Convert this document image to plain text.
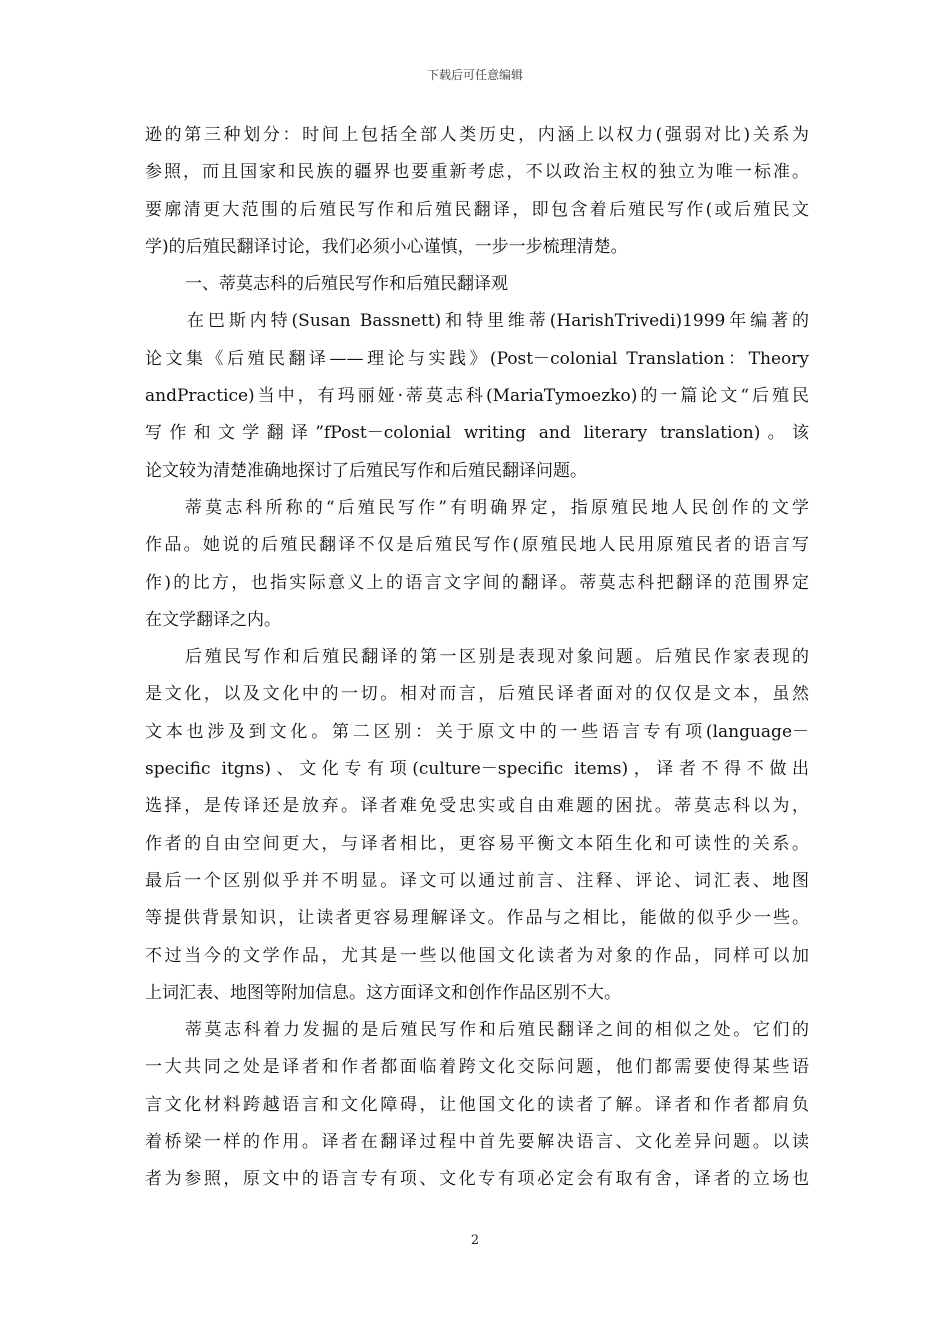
下载后可任意编辑
逊的第三种划分：时间上包括全部人类历史，内涵上以权力(强弱对比)关系为
参照，而且国家和民族的疆界也要重新考虑，不以政治主权的独立为唯一标准。
要廓清更大范围的后殖民写作和后殖民翻译，即包含着后殖民写作(或后殖民文
学)的后殖民翻译讨论，我们必须小心谨慎，一步一步梳理清楚。
一、蒂莫志科的后殖民写作和后殖民翻译观
在巴斯内特(Susan Bassnett)和特里维蒂(HarishTrivedi)1999年编著的
论文集《后殖民翻译——理论与实践》(Post－colonial Translation：Theory
andPractice)当中，有玛丽娅·蒂莫志科(MariaTymoezko)的一篇论文“后殖民
写作和文学翻译”fPost－colonial writing and literary translation)。该
论文较为清楚准确地探讨了后殖民写作和后殖民翻译问题。
蒂莫志科所称的“后殖民写作”有明确界定，指原殖民地人民创作的文学
作品。她说的后殖民翻译不仅是后殖民写作(原殖民地人民用原殖民者的语言写
作)的比方，也指实际意义上的语言文字间的翻译。蒂莫志科把翻译的范围界定
在文学翻译之内。
后殖民写作和后殖民翻译的第一区别是表现对象问题。后殖民作家表现的
是文化，以及文化中的一切。相对而言，后殖民译者面对的仅仅是文本，虽然
文本也涉及到文化。第二区别：关于原文中的一些语言专有项(language－
specific itgns)、文化专有项(culture－specific items)，译者不得不做出
选择，是传译还是放弃。译者难免受忠实或自由难题的困扰。蒂莫志科以为，
作者的自由空间更大，与译者相比，更容易平衡文本陌生化和可读性的关系。
最后一个区别似乎并不明显。译文可以通过前言、注释、评论、词汇表、地图
等提供背景知识，让读者更容易理解译文。作品与之相比，能做的似乎少一些。
不过当今的文学作品，尤其是一些以他国文化读者为对象的作品，同样可以加
上词汇表、地图等附加信息。这方面译文和创作作品区别不大。
蒂莫志科着力发掘的是后殖民写作和后殖民翻译之间的相似之处。它们的
一大共同之处是译者和作者都面临着跨文化交际问题，他们都需要使得某些语
言文化材料跨越语言和文化障碍，让他国文化的读者了解。译者和作者都肩负
着桥梁一样的作用。译者在翻译过程中首先要解决语言、文化差异问题。以读
者为参照，原文中的语言专有项、文化专有项必定会有取有舍，译者的立场也
2
